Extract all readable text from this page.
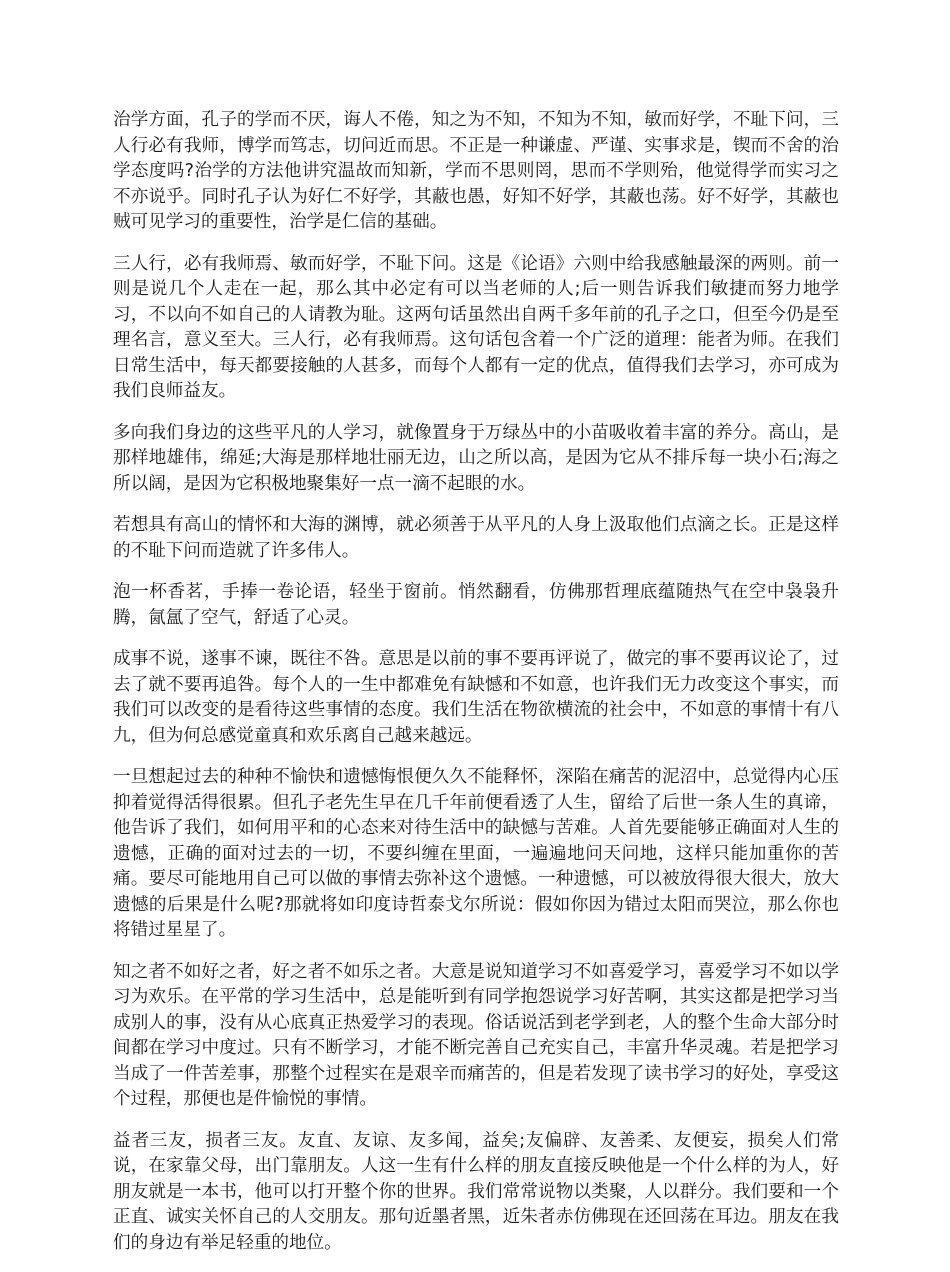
治学方面，孔子的学而不厌，诲人不倦，知之为不知，不知为不知，敏而好学，不耻下问，三人行必有我师，博学而笃志，切问近而思。不正是一种谦虚、严谨、实事求是，锲而不舍的治学态度吗?治学的方法他讲究温故而知新，学而不思则罔，思而不学则殆，他觉得学而实习之不亦说乎。同时孔子认为好仁不好学，其蔽也愚，好知不好学，其蔽也荡。好不好学，其蔽也贼可见学习的重要性，治学是仁信的基础。

三人行，必有我师焉、敏而好学，不耻下问。这是《论语》六则中给我感触最深的两则。前一则是说几个人走在一起，那么其中必定有可以当老师的人;后一则告诉我们敏捷而努力地学习，不以向不如自己的人请教为耻。这两句话虽然出自两千多年前的孔子之口，但至今仍是至理名言，意义至大。三人行，必有我师焉。这句话包含着一个广泛的道理：能者为师。在我们日常生活中，每天都要接触的人甚多，而每个人都有一定的优点，值得我们去学习，亦可成为我们良师益友。

多向我们身边的这些平凡的人学习，就像置身于万绿丛中的小苗吸收着丰富的养分。高山，是那样地雄伟，绵延;大海是那样地壮丽无边，山之所以高，是因为它从不排斥每一块小石;海之所以阔，是因为它积极地聚集好一点一滴不起眼的水。

若想具有高山的情怀和大海的渊博，就必须善于从平凡的人身上汲取他们点滴之长。正是这样的不耻下问而造就了许多伟人。

泡一杯香茗，手捧一卷论语，轻坐于窗前。悄然翻看，仿佛那哲理底蕴随热气在空中袅袅升腾，氤氲了空气，舒适了心灵。

成事不说，遂事不谏，既往不咎。意思是以前的事不要再评说了，做完的事不要再议论了，过去了就不要再追咎。每个人的一生中都难免有缺憾和不如意，也许我们无力改变这个事实，而我们可以改变的是看待这些事情的态度。我们生活在物欲横流的社会中，不如意的事情十有八九，但为何总感觉童真和欢乐离自己越来越远。

一旦想起过去的种种不愉快和遗憾悔恨便久久不能释怀，深陷在痛苦的泥沼中，总觉得内心压抑着觉得活得很累。但孔子老先生早在几千年前便看透了人生，留给了后世一条人生的真谛，他告诉了我们，如何用平和的心态来对待生活中的缺憾与苦难。人首先要能够正确面对人生的遗憾，正确的面对过去的一切，不要纠缠在里面，一遍遍地问天问地，这样只能加重你的苦痛。要尽可能地用自己可以做的事情去弥补这个遗憾。一种遗憾，可以被放得很大很大，放大遗憾的后果是什么呢?那就将如印度诗哲泰戈尔所说：假如你因为错过太阳而哭泣，那么你也将错过星星了。

知之者不如好之者，好之者不如乐之者。大意是说知道学习不如喜爱学习，喜爱学习不如以学习为欢乐。在平常的学习生活中，总是能听到有同学抱怨说学习好苦啊，其实这都是把学习当成别人的事，没有从心底真正热爱学习的表现。俗话说活到老学到老，人的整个生命大部分时间都在学习中度过。只有不断学习，才能不断完善自己充实自己，丰富升华灵魂。若是把学习当成了一件苦差事，那整个过程实在是艰辛而痛苦的，但是若发现了读书学习的好处，享受这个过程，那便也是件愉悦的事情。

益者三友，损者三友。友直、友谅、友多闻，益矣;友偏辟、友善柔、友便妄，损矣人们常说，在家靠父母，出门靠朋友。人这一生有什么样的朋友直接反映他是一个什么样的为人，好朋友就是一本书，他可以打开整个你的世界。我们常常说物以类聚，人以群分。我们要和一个正直、诚实关怀自己的人交朋友。那句近墨者黑，近朱者赤仿佛现在还回荡在耳边。朋友在我们的身边有举足轻重的地位。
